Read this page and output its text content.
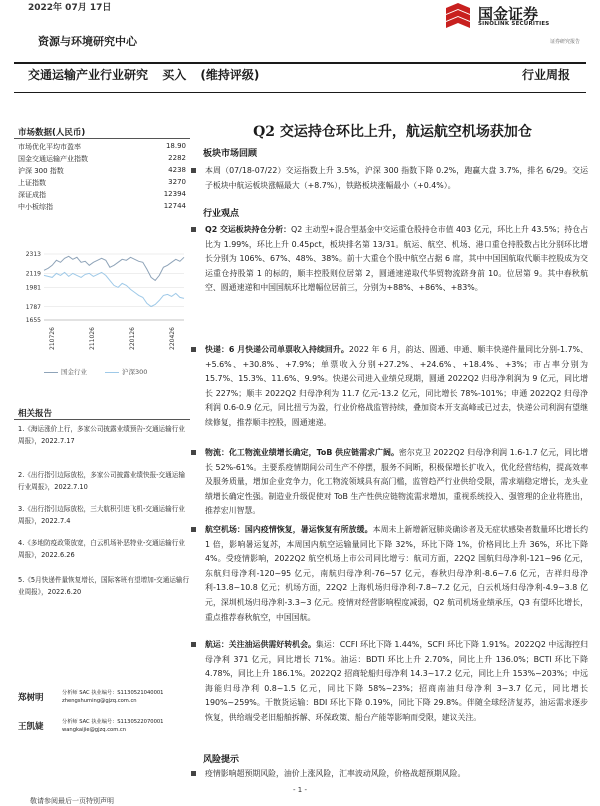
2022年 07月 17日	国金证券
SINOLINK SECURITIES
证券研究报告
资源与环境研究中心
交通运输产业行业研究 买入 (维持评级)	行业周报
市场数据(人民币)
市场优化平均市盈率	18.90
国金交通运输产业指数	2282
沪深 300 指数	4238
上证指数	3270
深证成指	12394
中小板综指	12744
2313
2119
1981
1787
1655
210726	211026	220126	220426
国金行业	沪深300
相关报告
1.《海运涨价上行，多家公司披露业绩预告-交通运输行业周报》，2022.7.17
2.《出行指引边际放松，多家公司披露业绩快报-交通运输行业周报》，2022.7.10
3.《出行指引边际放松，三大航积引进飞机-交通运输行业周报》，2022.7.4
4.《多地防疫政策放宽，白云机场补恶特业-交通运输行业周报》，2022.6.26
5.《5月快递件量恢复增长，国际客班有望增加-交通运输行业周报》，2022.6.20
郑树明	分析师 SAC 执业编号：S1130521040001
zhengshuming@gjzq.com.cn
王凯婕	分析师 SAC 执业编号：S1130522070001
wangkaijie@gjzq.com.cn
Q2 交运持仓环比上升，航运航空机场获加仓
板块市场回顾
本周（07/18-07/22）交运指数上升 3.5%，沪深 300 指数下降 0.2%，跑赢大盘 3.7%，排名 6/29。交运子板块中航运板块涨幅最大（+8.7%），铁路板块涨幅最小（+0.4%）。
行业观点
Q2 交运板块持仓分析：Q2 主动型+混合型基金中交运重仓股持仓市值 403 亿元，环比上升 43.5%；持仓占比为 1.99%，环比上升 0.45pct，板块排名第 13/31。航运、航空、机场、港口重仓持股数占比分别环比增长分别为 106%、67%、48%、38%。前十大重仓个股中航空占据 6 席，其中中国国航取代顺丰控股成为交运重仓持股第 1 的标的，顺丰控股则位居第 2，圆通速递取代华贸物流跻身前 10。位居第 9。其中春秋航空、圆通速递和中国国航环比增幅位居前三，分别为+88%、+86%、+83%。
快递：6 月快递公司单票收入持续回升。2022 年 6 月，韵达、圆通、申通、顺丰快递件量同比分别-1.7%、+5.6%、+30.8%、+7.9%；单票收入分别+27.2%、+24.6%、+18.4%、+3%；市占率分别为 15.7%、15.3%、11.6%、9.9%。快递公司进入业绩兑现期，圆通 2022Q2 归母净利润为 9 亿元，同比增长 227%；顺丰 2022Q2 归母净利为 11.7 亿元-13.2 亿元，同比增长 78%-101%；申通 2022Q2 归母净利润 0.6-0.9 亿元，同比扭亏为盈，行业价格战监管持续，叠加资本开支高峰或已过去，快递公司利润有望继续修复，推荐顺丰控股，圆通速递。
物流：化工物流业绩增长确定，ToB 供应链需求广阔。密尔克卫 2022Q2 归母净利润 1.6-1.7 亿元，同比增长 52%-61%。主要系疫情期间公司生产不停摆，服务不间断，积极保增长扩收入，优化经营结构，提高效率及服务质量，增加企业竞争力，化工物流领域具有高门槛，监管趋严行业供给受限，需求端稳定增长，龙头业绩增长确定性强。制造业升级促使对 ToB 生产性供应链物流需求增加，重视系统投入、强管理的企业将胜出，推荐宏川智慧。
航空机场：国内疫情恢复，暑运恢复有所放缓。本周未上新增新冠肺炎确诊者及无症状感染者数量环比增长约 1 倍，影响暑运复苏，本周国内航空运输量同比下降 32%，环比下降 1%，价格同比上升 36%，环比下降 4%。受疫情影响，2022Q2 航空机场上市公司同比增亏：航司方面，22Q2 国航归母净利-121~96 亿元，东航归母净利-120~95 亿元，南航归母净利-76~57 亿元，春秋归母净利-8.6~7.6 亿元，吉祥归母净利-13.8~10.8 亿元；机场方面，22Q2 上海机场归母净利-7.8~7.2 亿元，白云机场归母净利-4.9~3.8 亿元，深圳机场归母净利-3.3~3 亿元。疫情对经营影响程度减弱，Q2 航司机场业绩承压，Q3 有望环比增长，重点推荐春秋航空，中国国航。
航运：关注油运供需好转机会。集运：CCFI 环比下降 1.44%，SCFI 环比下降 1.91%。2022Q2 中远海控归母净利 371 亿元，同比增长 71%。油运：BDTI 环比上升 2.70%，同比上升 136.0%；BCTI 环比下降 4.78%，同比上升 186.1%。2022Q2 招商轮船归母净利 14.3~17.2 亿元，同比上升 153%~203%；中远海能归母净利 0.8~1.5 亿元，同比下降 58%~23%；招商南油归母净利 3~3.7 亿元，同比增长 190%~259%。干散货运输：BDI 环比下降 0.19%，同比下降 29.8%。伴随全球经济复苏，油运需求逐步恢复，供给端受老旧船舶拆解、环保政策、船台产能等影响而受限，建议关注。
风险提示
疫情影响超预期风险，油价上涨风险，汇率波动风险，价格战超预期风险。
- 1 -
敬请参阅最后一页特别声明
